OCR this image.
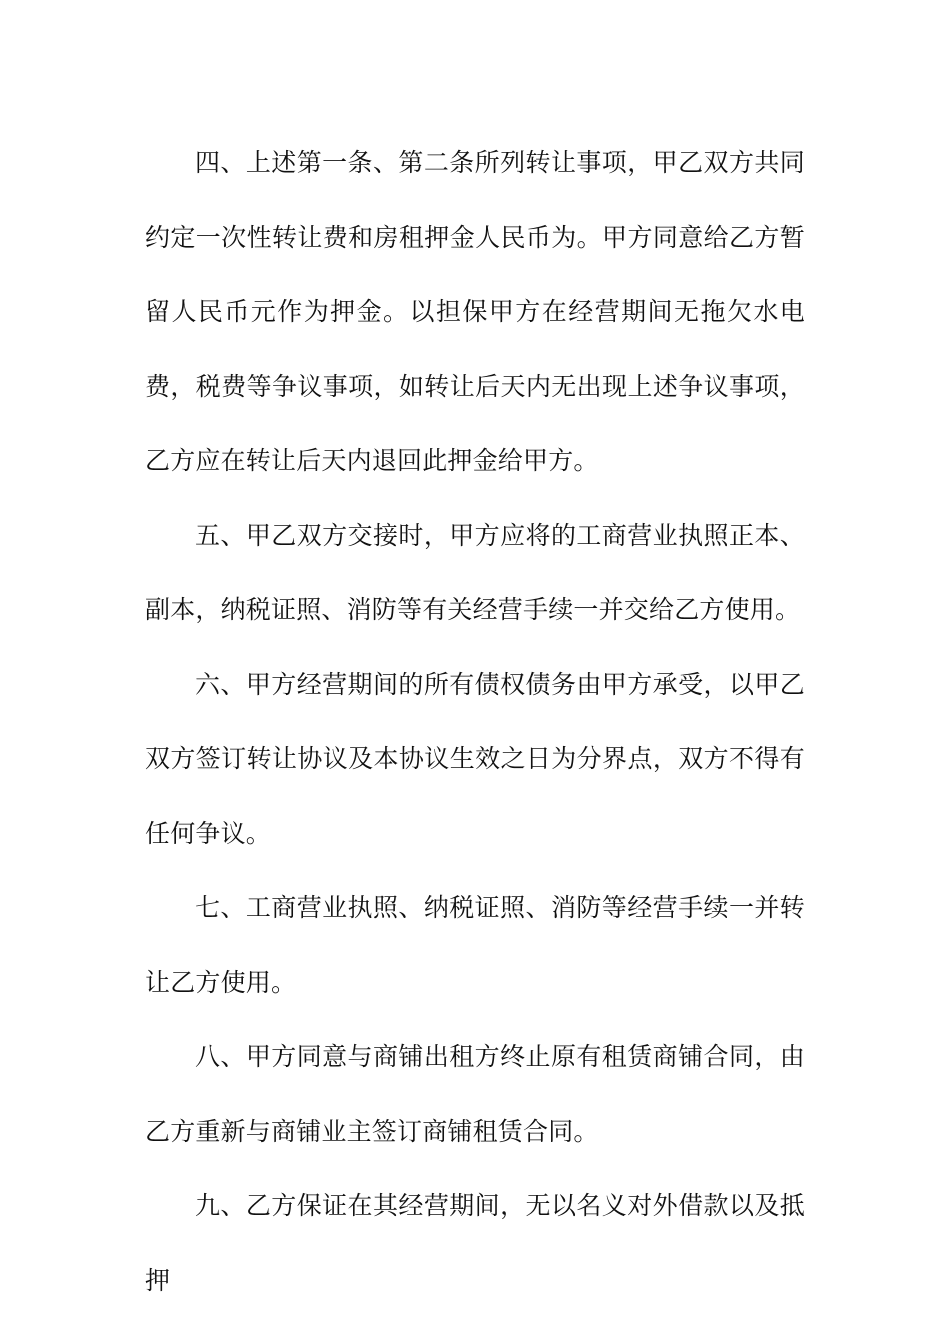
四、上述第一条、第二条所列转让事项，甲乙双方共同约定一次性转让费和房租押金人民币为。甲方同意给乙方暂留人民币元作为押金。以担保甲方在经营期间无拖欠水电费，税费等争议事项，如转让后天内无出现上述争议事项，乙方应在转让后天内退回此押金给甲方。

五、甲乙双方交接时，甲方应将的工商营业执照正本、副本，纳税证照、消防等有关经营手续一并交给乙方使用。

六、甲方经营期间的所有债权债务由甲方承受，以甲乙双方签订转让协议及本协议生效之日为分界点，双方不得有任何争议。

七、工商营业执照、纳税证照、消防等经营手续一并转让乙方使用。

八、甲方同意与商铺出租方终止原有租赁商铺合同，由乙方重新与商铺业主签订商铺租赁合同。

九、乙方保证在其经营期间，无以名义对外借款以及抵押
